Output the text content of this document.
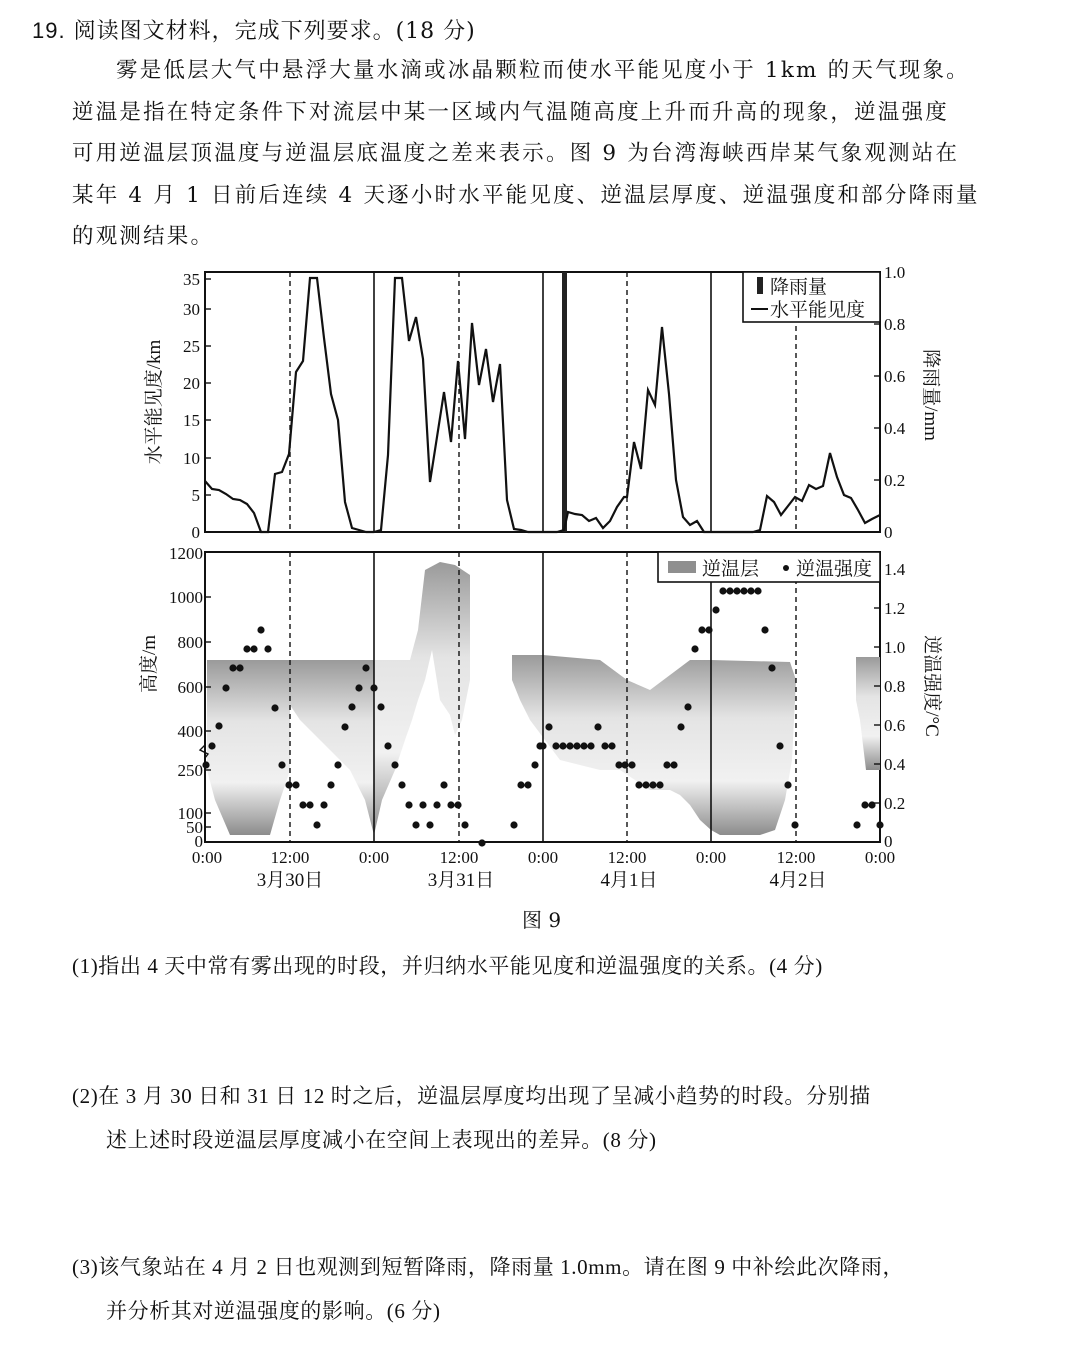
19. 阅读图文材料，完成下列要求。(18 分)
雾是低层大气中悬浮大量水滴或冰晶颗粒而使水平能见度小于 1km 的天气现象。
逆温是指在特定条件下对流层中某一区域内气温随高度上升而升高的现象，逆温强度
可用逆温层顶温度与逆温层底温度之差来表示。图 9 为台湾海峡西岸某气象观测站在
某年 4 月 1 日前后连续 4 天逐小时水平能见度、逆温层厚度、逆温强度和部分降雨量
的观测结果。
0
5
10
15
20
25
30
35
水平能见度/km
0
0.2
0.4
0.6
0.8
1.0
降雨量/mm
降雨量
水平能见度
1200
1000
800
600
400
250
100
50
0
高度/m
0
0.2
0.4
0.6
0.8
1.0
1.2
1.4
逆温强度/°C
逆温层 逆温强度
0:00	12:00	0:00	12:00	0:00	12:00	0:00	12:00	0:00
3月30日	3月31日	4月1日	4月2日
图 9
(1)指出 4 天中常有雾出现的时段，并归纳水平能见度和逆温强度的关系。(4 分)
(2)在 3 月 30 日和 31 日 12 时之后，逆温层厚度均出现了呈减小趋势的时段。分别描
述上述时段逆温层厚度减小在空间上表现出的差异。(8 分)
(3)该气象站在 4 月 2 日也观测到短暂降雨，降雨量 1.0mm。请在图 9 中补绘此次降雨，
并分析其对逆温强度的影响。(6 分)
